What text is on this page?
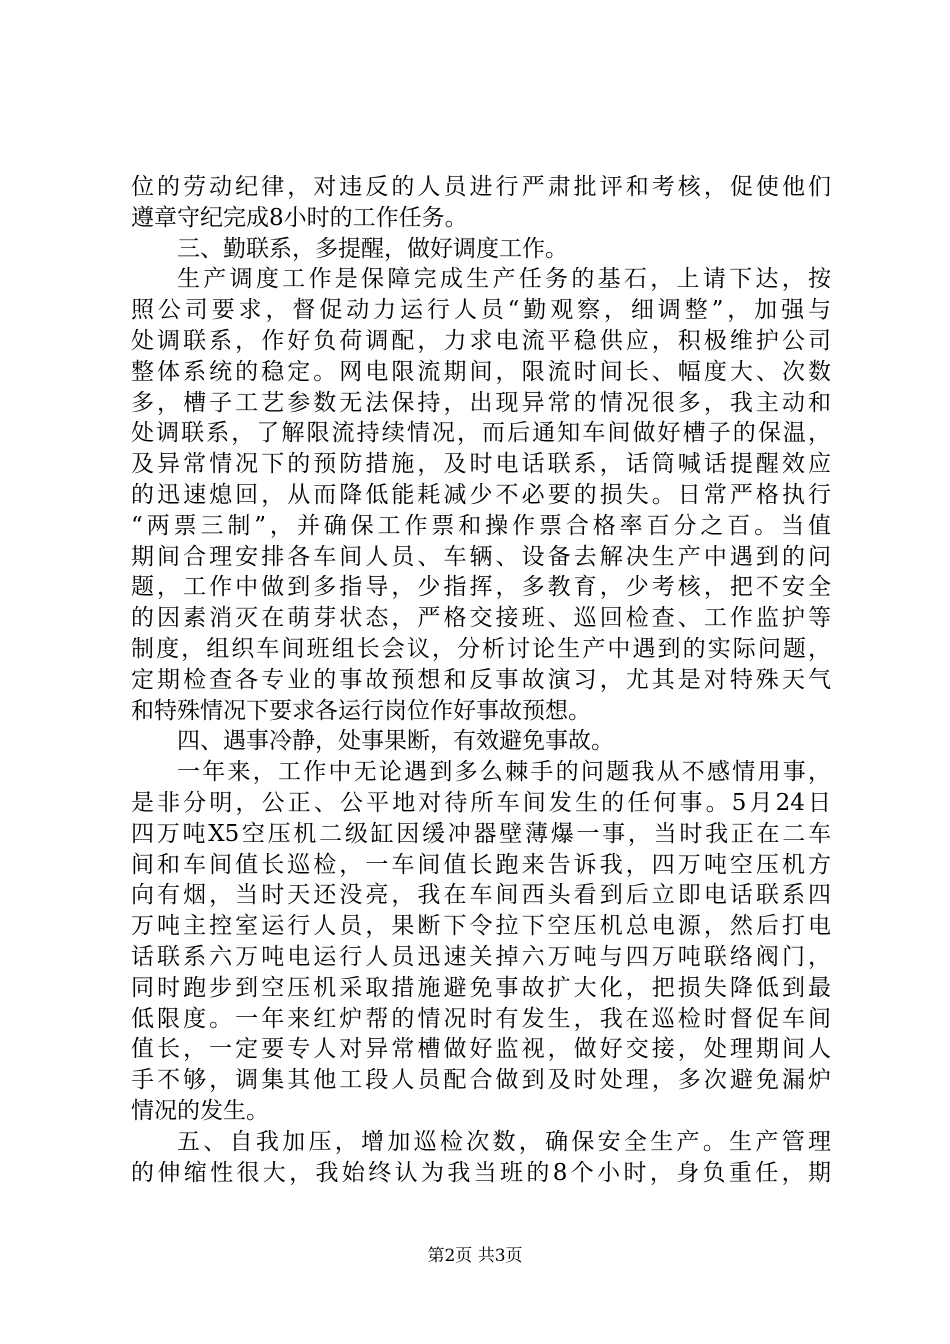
位的劳动纪律，对违反的人员进行严肃批评和考核，促使他们
遵章守纪完成8小时的工作任务。
三、勤联系，多提醒，做好调度工作。
生产调度工作是保障完成生产任务的基石，上请下达，按
照公司要求，督促动力运行人员“勤观察，细调整”，加强与
处调联系，作好负荷调配，力求电流平稳供应，积极维护公司
整体系统的稳定。网电限流期间，限流时间长、幅度大、次数
多，槽子工艺参数无法保持，出现异常的情况很多，我主动和
处调联系，了解限流持续情况，而后通知车间做好槽子的保温，
及异常情况下的预防措施，及时电话联系，话筒喊话提醒效应
的迅速熄回，从而降低能耗减少不必要的损失。日常严格执行
“两票三制”，并确保工作票和操作票合格率百分之百。当值
期间合理安排各车间人员、车辆、设备去解决生产中遇到的问
题，工作中做到多指导，少指挥，多教育，少考核，把不安全
的因素消灭在萌芽状态，严格交接班、巡回检查、工作监护等
制度，组织车间班组长会议，分析讨论生产中遇到的实际问题，
定期检查各专业的事故预想和反事故演习，尤其是对特殊天气
和特殊情况下要求各运行岗位作好事故预想。
四、遇事冷静，处事果断，有效避免事故。
一年来，工作中无论遇到多么棘手的问题我从不感情用事，
是非分明，公正、公平地对待所车间发生的任何事。5月24日
四万吨X5空压机二级缸因缓冲器壁薄爆一事，当时我正在二车
间和车间值长巡检，一车间值长跑来告诉我，四万吨空压机方
向有烟，当时天还没亮，我在车间西头看到后立即电话联系四
万吨主控室运行人员，果断下令拉下空压机总电源，然后打电
话联系六万吨电运行人员迅速关掉六万吨与四万吨联络阀门，
同时跑步到空压机采取措施避免事故扩大化，把损失降低到最
低限度。一年来红炉帮的情况时有发生，我在巡检时督促车间
值长，一定要专人对异常槽做好监视，做好交接，处理期间人
手不够，调集其他工段人员配合做到及时处理，多次避免漏炉
情况的发生。
五、自我加压，增加巡检次数，确保安全生产。生产管理
的伸缩性很大，我始终认为我当班的8个小时，身负重任，期
第2页 共3页
